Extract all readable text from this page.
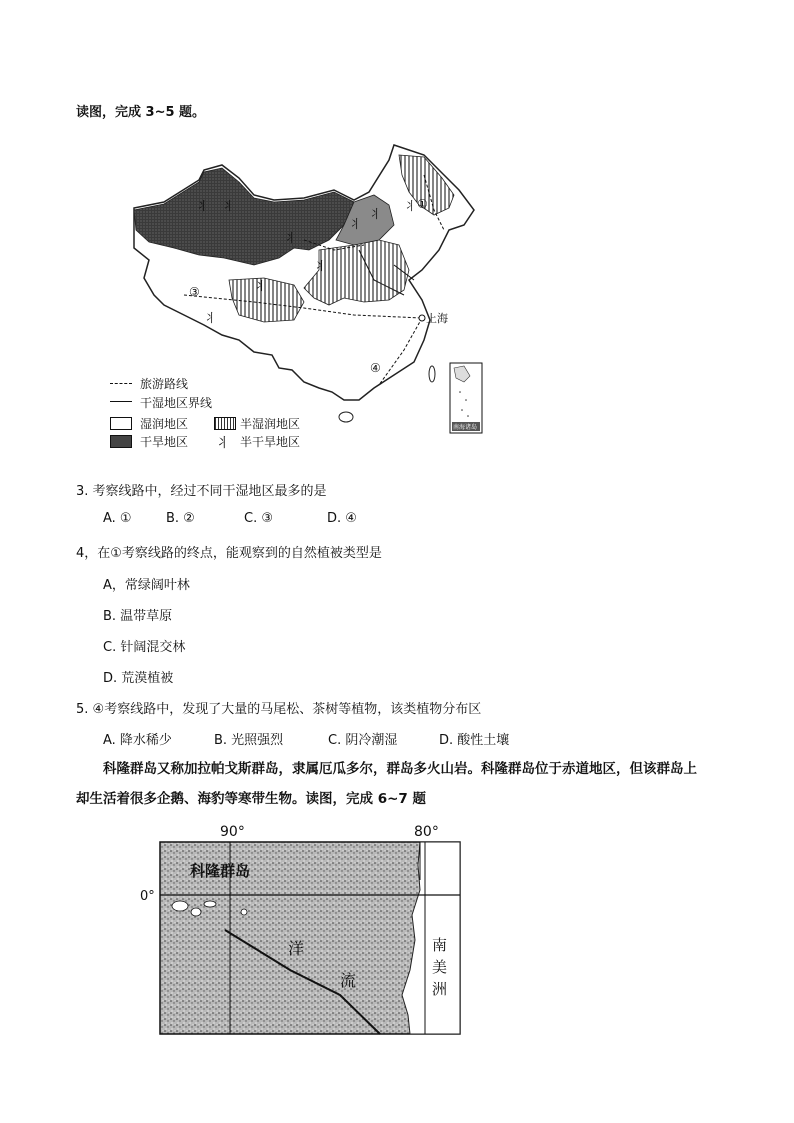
读图，完成 3~5 题。
⺦ ⺦
⺦
⺦
⺦
⺦
⺦
⺦
⺦
上海
①
③
④
南海诸岛
旅游路线
干湿地区界线
湿润地区	半湿润地区
干旱地区 ⺦ 半干旱地区
3. 考察线路中，经过不同干湿地区最多的是
A. ①	B. ②	C. ③	D. ④
4，在①考察线路的终点，能观察到的自然植被类型是
A，常绿阔叶林
B. 温带草原
C. 针阔混交林
D. 荒漠植被
5. ④考察线路中，发现了大量的马尾松、茶树等植物，该类植物分布区
A. 降水稀少	B. 光照强烈	C. 阴冷潮湿	D. 酸性土壤
科隆群岛又称加拉帕戈斯群岛，隶属厄瓜多尔，群岛多火山岩。科隆群岛位于赤道地区，但该群岛上
却生活着很多企鹅、海豹等寒带生物。读图，完成 6~7 题
90°	80°
0°
科隆群岛
洋
流
南
美
洲
